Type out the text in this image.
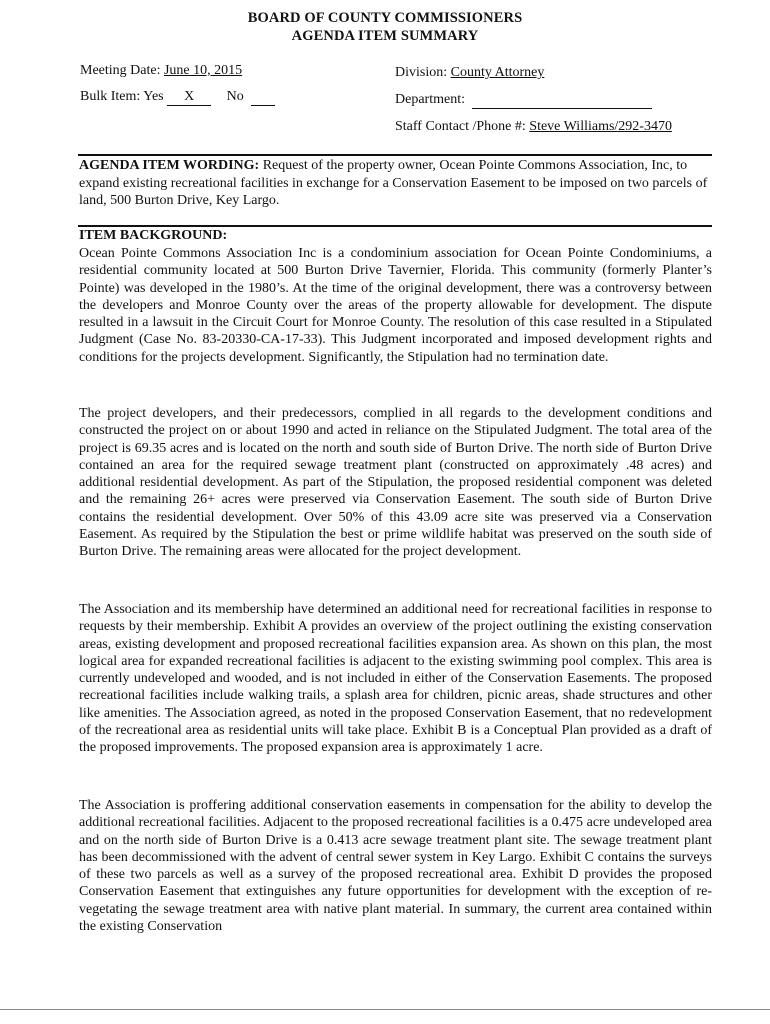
BOARD OF COUNTY COMMISSIONERS
AGENDA ITEM SUMMARY
Meeting Date: June 10, 2015
Bulk Item: Yes X No
Division: County Attorney
Department:
Staff Contact /Phone #: Steve Williams/292-3470
AGENDA ITEM WORDING: Request of the property owner, Ocean Pointe Commons Association, Inc, to expand existing recreational facilities in exchange for a Conservation Easement to be imposed on two parcels of land, 500 Burton Drive, Key Largo.
ITEM BACKGROUND:
Ocean Pointe Commons Association Inc is a condominium association for Ocean Pointe Condominiums, a residential community located at 500 Burton Drive Tavernier, Florida. This community (formerly Planter’s Pointe) was developed in the 1980’s. At the time of the original development, there was a controversy between the developers and Monroe County over the areas of the property allowable for development. The dispute resulted in a lawsuit in the Circuit Court for Monroe County. The resolution of this case resulted in a Stipulated Judgment (Case No. 83-20330-CA-17-33). This Judgment incorporated and imposed development rights and conditions for the projects development. Significantly, the Stipulation had no termination date.
The project developers, and their predecessors, complied in all regards to the development conditions and constructed the project on or about 1990 and acted in reliance on the Stipulated Judgment. The total area of the project is 69.35 acres and is located on the north and south side of Burton Drive. The north side of Burton Drive contained an area for the required sewage treatment plant (constructed on approximately .48 acres) and additional residential development. As part of the Stipulation, the proposed residential component was deleted and the remaining 26+ acres were preserved via Conservation Easement. The south side of Burton Drive contains the residential development. Over 50% of this 43.09 acre site was preserved via a Conservation Easement. As required by the Stipulation the best or prime wildlife habitat was preserved on the south side of Burton Drive. The remaining areas were allocated for the project development.
The Association and its membership have determined an additional need for recreational facilities in response to requests by their membership. Exhibit A provides an overview of the project outlining the existing conservation areas, existing development and proposed recreational facilities expansion area. As shown on this plan, the most logical area for expanded recreational facilities is adjacent to the existing swimming pool complex. This area is currently undeveloped and wooded, and is not included in either of the Conservation Easements. The proposed recreational facilities include walking trails, a splash area for children, picnic areas, shade structures and other like amenities. The Association agreed, as noted in the proposed Conservation Easement, that no redevelopment of the recreational area as residential units will take place. Exhibit B is a Conceptual Plan provided as a draft of the proposed improvements. The proposed expansion area is approximately 1 acre.
The Association is proffering additional conservation easements in compensation for the ability to develop the additional recreational facilities. Adjacent to the proposed recreational facilities is a 0.475 acre undeveloped area and on the north side of Burton Drive is a 0.413 acre sewage treatment plant site. The sewage treatment plant has been decommissioned with the advent of central sewer system in Key Largo. Exhibit C contains the surveys of these two parcels as well as a survey of the proposed recreational area. Exhibit D provides the proposed Conservation Easement that extinguishes any future opportunities for development with the exception of re-vegetating the sewage treatment area with native plant material. In summary, the current area contained within the existing Conservation
